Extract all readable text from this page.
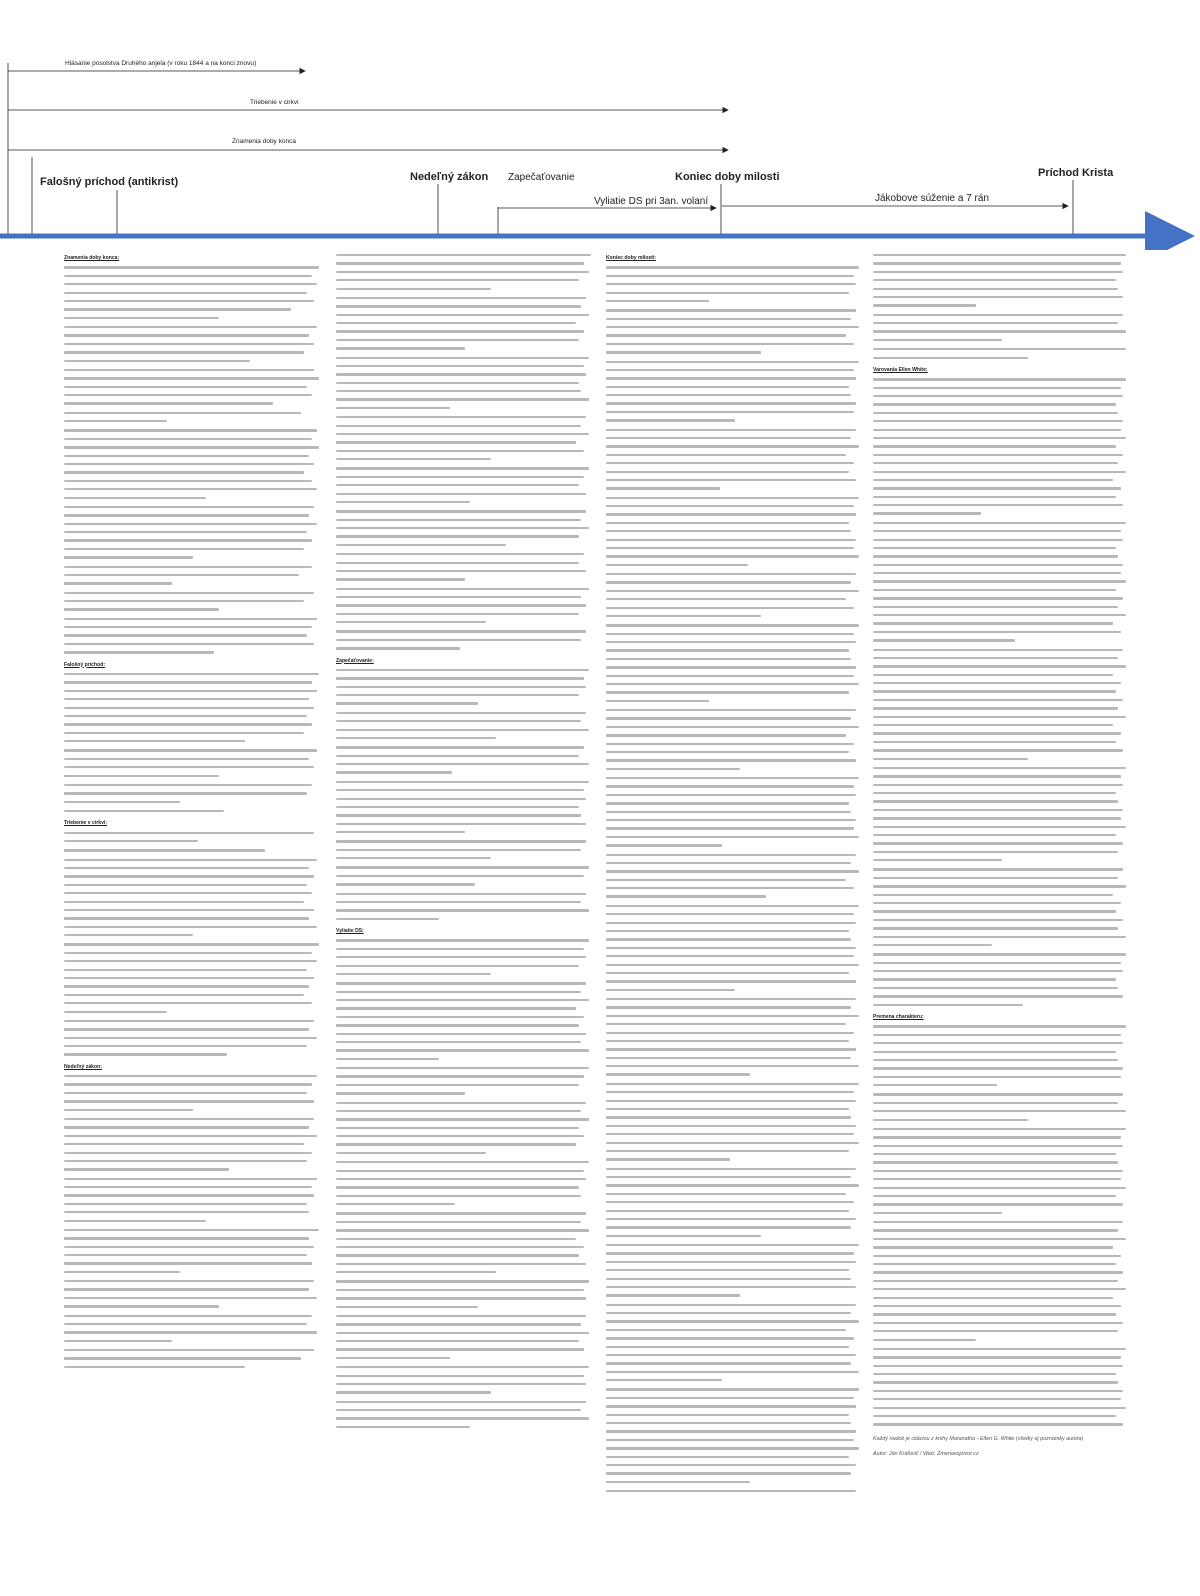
Hlásanie posolstva Druhého anjela (v roku 1844 a na konci znovu)
Triebenie v cirkvi
Znamenia doby konca
Falošný príchod (antikrist)	Nedeľný zákon Zapečaťovanie	Koniec doby milosti	Príchod Krista
Vyliatie DS pri 3an. volaní	Jákobove súženie a 7 rán
Znamenia doby konca:
Falošný príchod:
Triebenie v cirkvi:
Nedeľný zákon:
Zapečaťovanie:
Vyliatie DS:
Koniec doby milosti:
Varovania Ellen White:
Premena charakteru:
Každý riadok je citáciou z knihy Maranatha - Ellen G. White (všetky aj poznámky autora)
Autor: Ján Kráľovič / Web: Zmenavojzivot.cz
